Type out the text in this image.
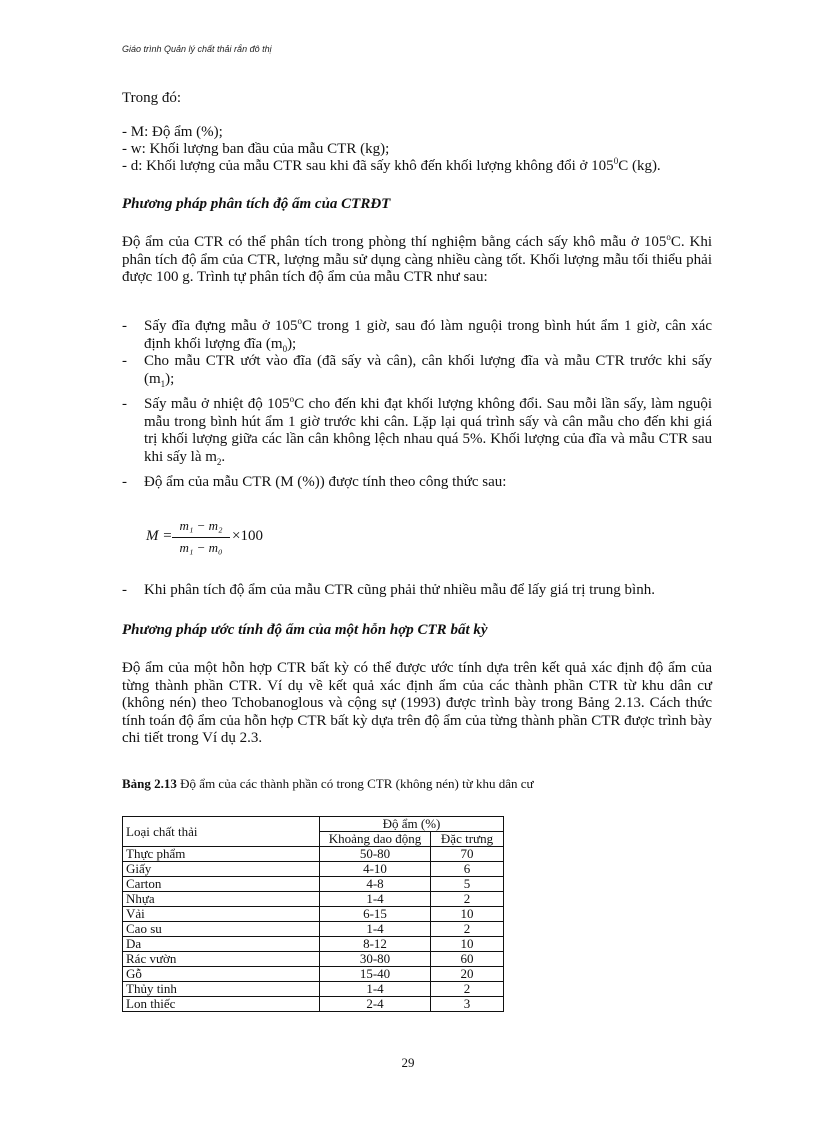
Giáo trình Quản lý chất thải rắn đô thị
Trong đó:
- M: Độ ẩm (%);
- w: Khối lượng ban đầu của mẫu CTR (kg);
- d: Khối lượng của mẫu CTR sau khi đã sấy khô đến khối lượng không đổi ở $105^0C$ (kg).
Phương pháp phân tích độ ẩm của CTRĐT
Độ ẩm của CTR có thể phân tích trong phòng thí nghiệm bằng cách sấy khô mẫu ở 105$^o$C. Khi phân tích độ ẩm của CTR, lượng mẫu sử dụng càng nhiều càng tốt. Khối lượng mẫu tối thiểu phải được 100 g. Trình tự phân tích độ ẩm của mẫu CTR như sau:
- Sấy đĩa đựng mẫu ở 105$^o$C trong 1 giờ, sau đó làm nguội trong bình hút ẩm 1 giờ, cân xác định khối lượng đĩa $(m_0)$;
- Cho mẫu CTR ướt vào đĩa (đã sấy và cân), cân khối lượng đĩa và mẫu CTR trước khi sấy $(m_1)$;
- Sấy mẫu ở nhiệt độ 105$^o$C cho đến khi đạt khối lượng không đổi. Sau mỗi lần sấy, làm nguội mẫu trong bình hút ẩm 1 giờ trước khi cân. Lặp lại quá trình sấy và cân mẫu cho đến khi giá trị khối lượng giữa các lần cân không lệch nhau quá 5%. Khối lượng của đĩa và mẫu CTR sau khi sấy là $m_2$.
- Độ ẩm của mẫu CTR (M (%)) được tính theo công thức sau:
M =
m₁ − m₂
m₁ − m₀
×100
- Khi phân tích độ ẩm của mẫu CTR cũng phải thử nhiều mẫu để lấy giá trị trung bình.
Phương pháp ước tính độ ẩm của một hỗn hợp CTR bất kỳ
Độ ẩm của một hỗn hợp CTR bất kỳ có thể được ước tính dựa trên kết quả xác định độ ẩm của từng thành phần CTR. Ví dụ về kết quả xác định ẩm của các thành phần CTR từ khu dân cư (không nén) theo Tchobanoglous và cộng sự (1993) được trình bày trong Bảng 2.13. Cách thức tính toán độ ẩm của hỗn hợp CTR bất kỳ dựa trên độ ẩm của từng thành phần CTR được trình bày chi tiết trong Ví dụ 2.3.
Bảng 2.13 Độ ẩm của các thành phần có trong CTR (không nén) từ khu dân cư
Loại chất thải	Độ ẩm (%)	
	Khoảng dao động	Đặc trưng
Thực phẩm	50-80	70
Giấy	4-10	6
Carton	4-8	5
Nhựa	1-4	2
Vải	6-15	10
Cao su	1-4	2
Da	8-12	10
Rác vườn	30-80	60
Gỗ	15-40	20
Thủy tinh	1-4	2
Lon thiếc	2-4	3
29
